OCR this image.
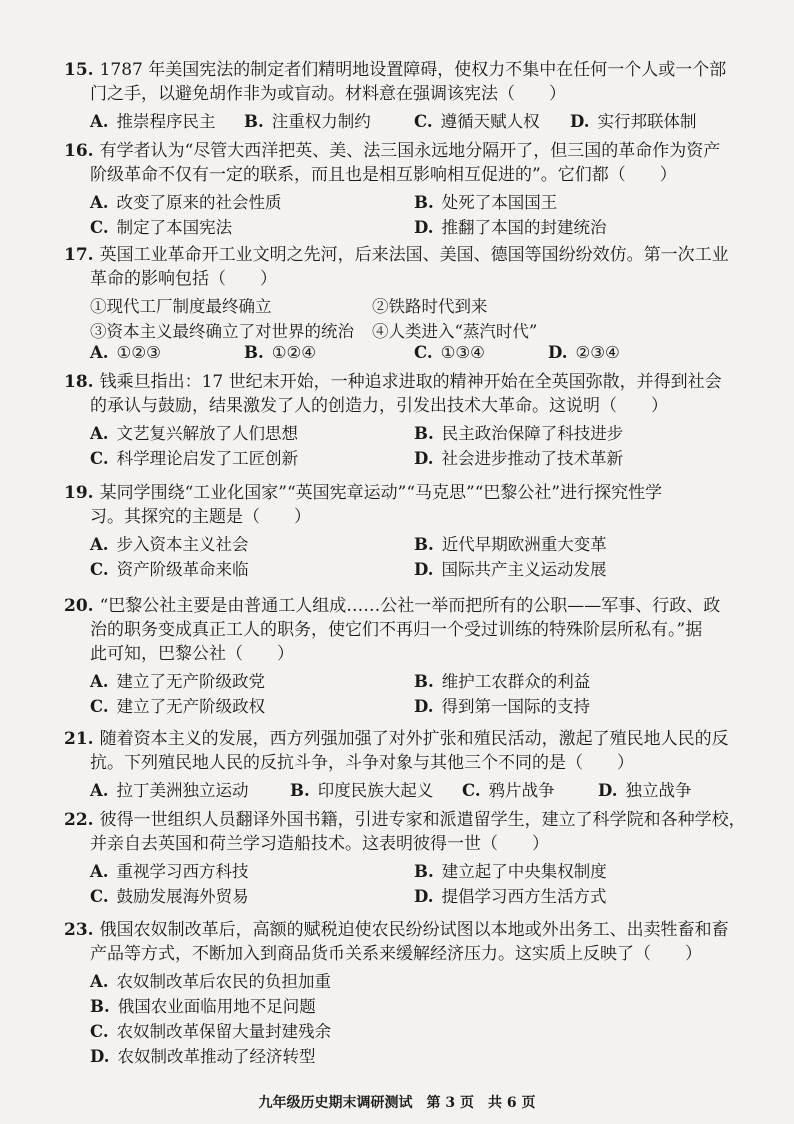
15. 1787 年美国宪法的制定者们精明地设置障碍，使权力不集中在任何一个人或一个部
门之手，以避免胡作非为或盲动。材料意在强调该宪法（　　）
A. 推崇程序民主 B. 注重权力制约	C. 遵循天赋人权 D. 实行邦联体制
16. 有学者认为“尽管大西洋把英、美、法三国永远地分隔开了，但三国的革命作为资产
阶级革命不仅有一定的联系，而且也是相互影响相互促进的”。它们都（　　）
A. 改变了原来的社会性质	B. 处死了本国国王
C. 制定了本国宪法	D. 推翻了本国的封建统治
17. 英国工业革命开工业文明之先河，后来法国、美国、德国等国纷纷效仿。第一次工业
革命的影响包括（　　）
①现代工厂制度最终确立	②铁路时代到来
③资本主义最终确立了对世界的统治 ④人类进入“蒸汽时代”
A. ①②③	B. ①②④	C. ①③④	D. ②③④
18. 钱乘旦指出：17 世纪末开始，一种追求进取的精神开始在全英国弥散，并得到社会
的承认与鼓励，结果激发了人的创造力，引发出技术大革命。这说明（　　）
A. 文艺复兴解放了人们思想	B. 民主政治保障了科技进步
C. 科学理论启发了工匠创新	D. 社会进步推动了技术革新
19. 某同学围绕“工业化国家”“英国宪章运动”“马克思”“巴黎公社”进行探究性学
习。其探究的主题是（　　）
A. 步入资本主义社会	B. 近代早期欧洲重大变革
C. 资产阶级革命来临	D. 国际共产主义运动发展
20. “巴黎公社主要是由普通工人组成……公社一举而把所有的公职——军事、行政、政
治的职务变成真正工人的职务，使它们不再归一个受过训练的特殊阶层所私有。”据
此可知，巴黎公社（　　）
A. 建立了无产阶级政党	B. 维护工农群众的利益
C. 建立了无产阶级政权	D. 得到第一国际的支持
21. 随着资本主义的发展，西方列强加强了对外扩张和殖民活动，激起了殖民地人民的反
抗。下列殖民地人民的反抗斗争，斗争对象与其他三个不同的是（　　）
A. 拉丁美洲独立运动	B. 印度民族大起义 C. 鸦片战争	D. 独立战争
22. 彼得一世组织人员翻译外国书籍，引进专家和派遣留学生，建立了科学院和各种学校，
并亲自去英国和荷兰学习造船技术。这表明彼得一世（　　）
A. 重视学习西方科技	B. 建立起了中央集权制度
C. 鼓励发展海外贸易	D. 提倡学习西方生活方式
23. 俄国农奴制改革后，高额的赋税迫使农民纷纷试图以本地或外出务工、出卖牲畜和畜
产品等方式，不断加入到商品货币关系来缓解经济压力。这实质上反映了（　　）
A. 农奴制改革后农民的负担加重
B. 俄国农业面临用地不足问题
C. 农奴制改革保留大量封建残余
D. 农奴制改革推动了经济转型
九年级历史期末调研测试　第 3 页　共 6 页
